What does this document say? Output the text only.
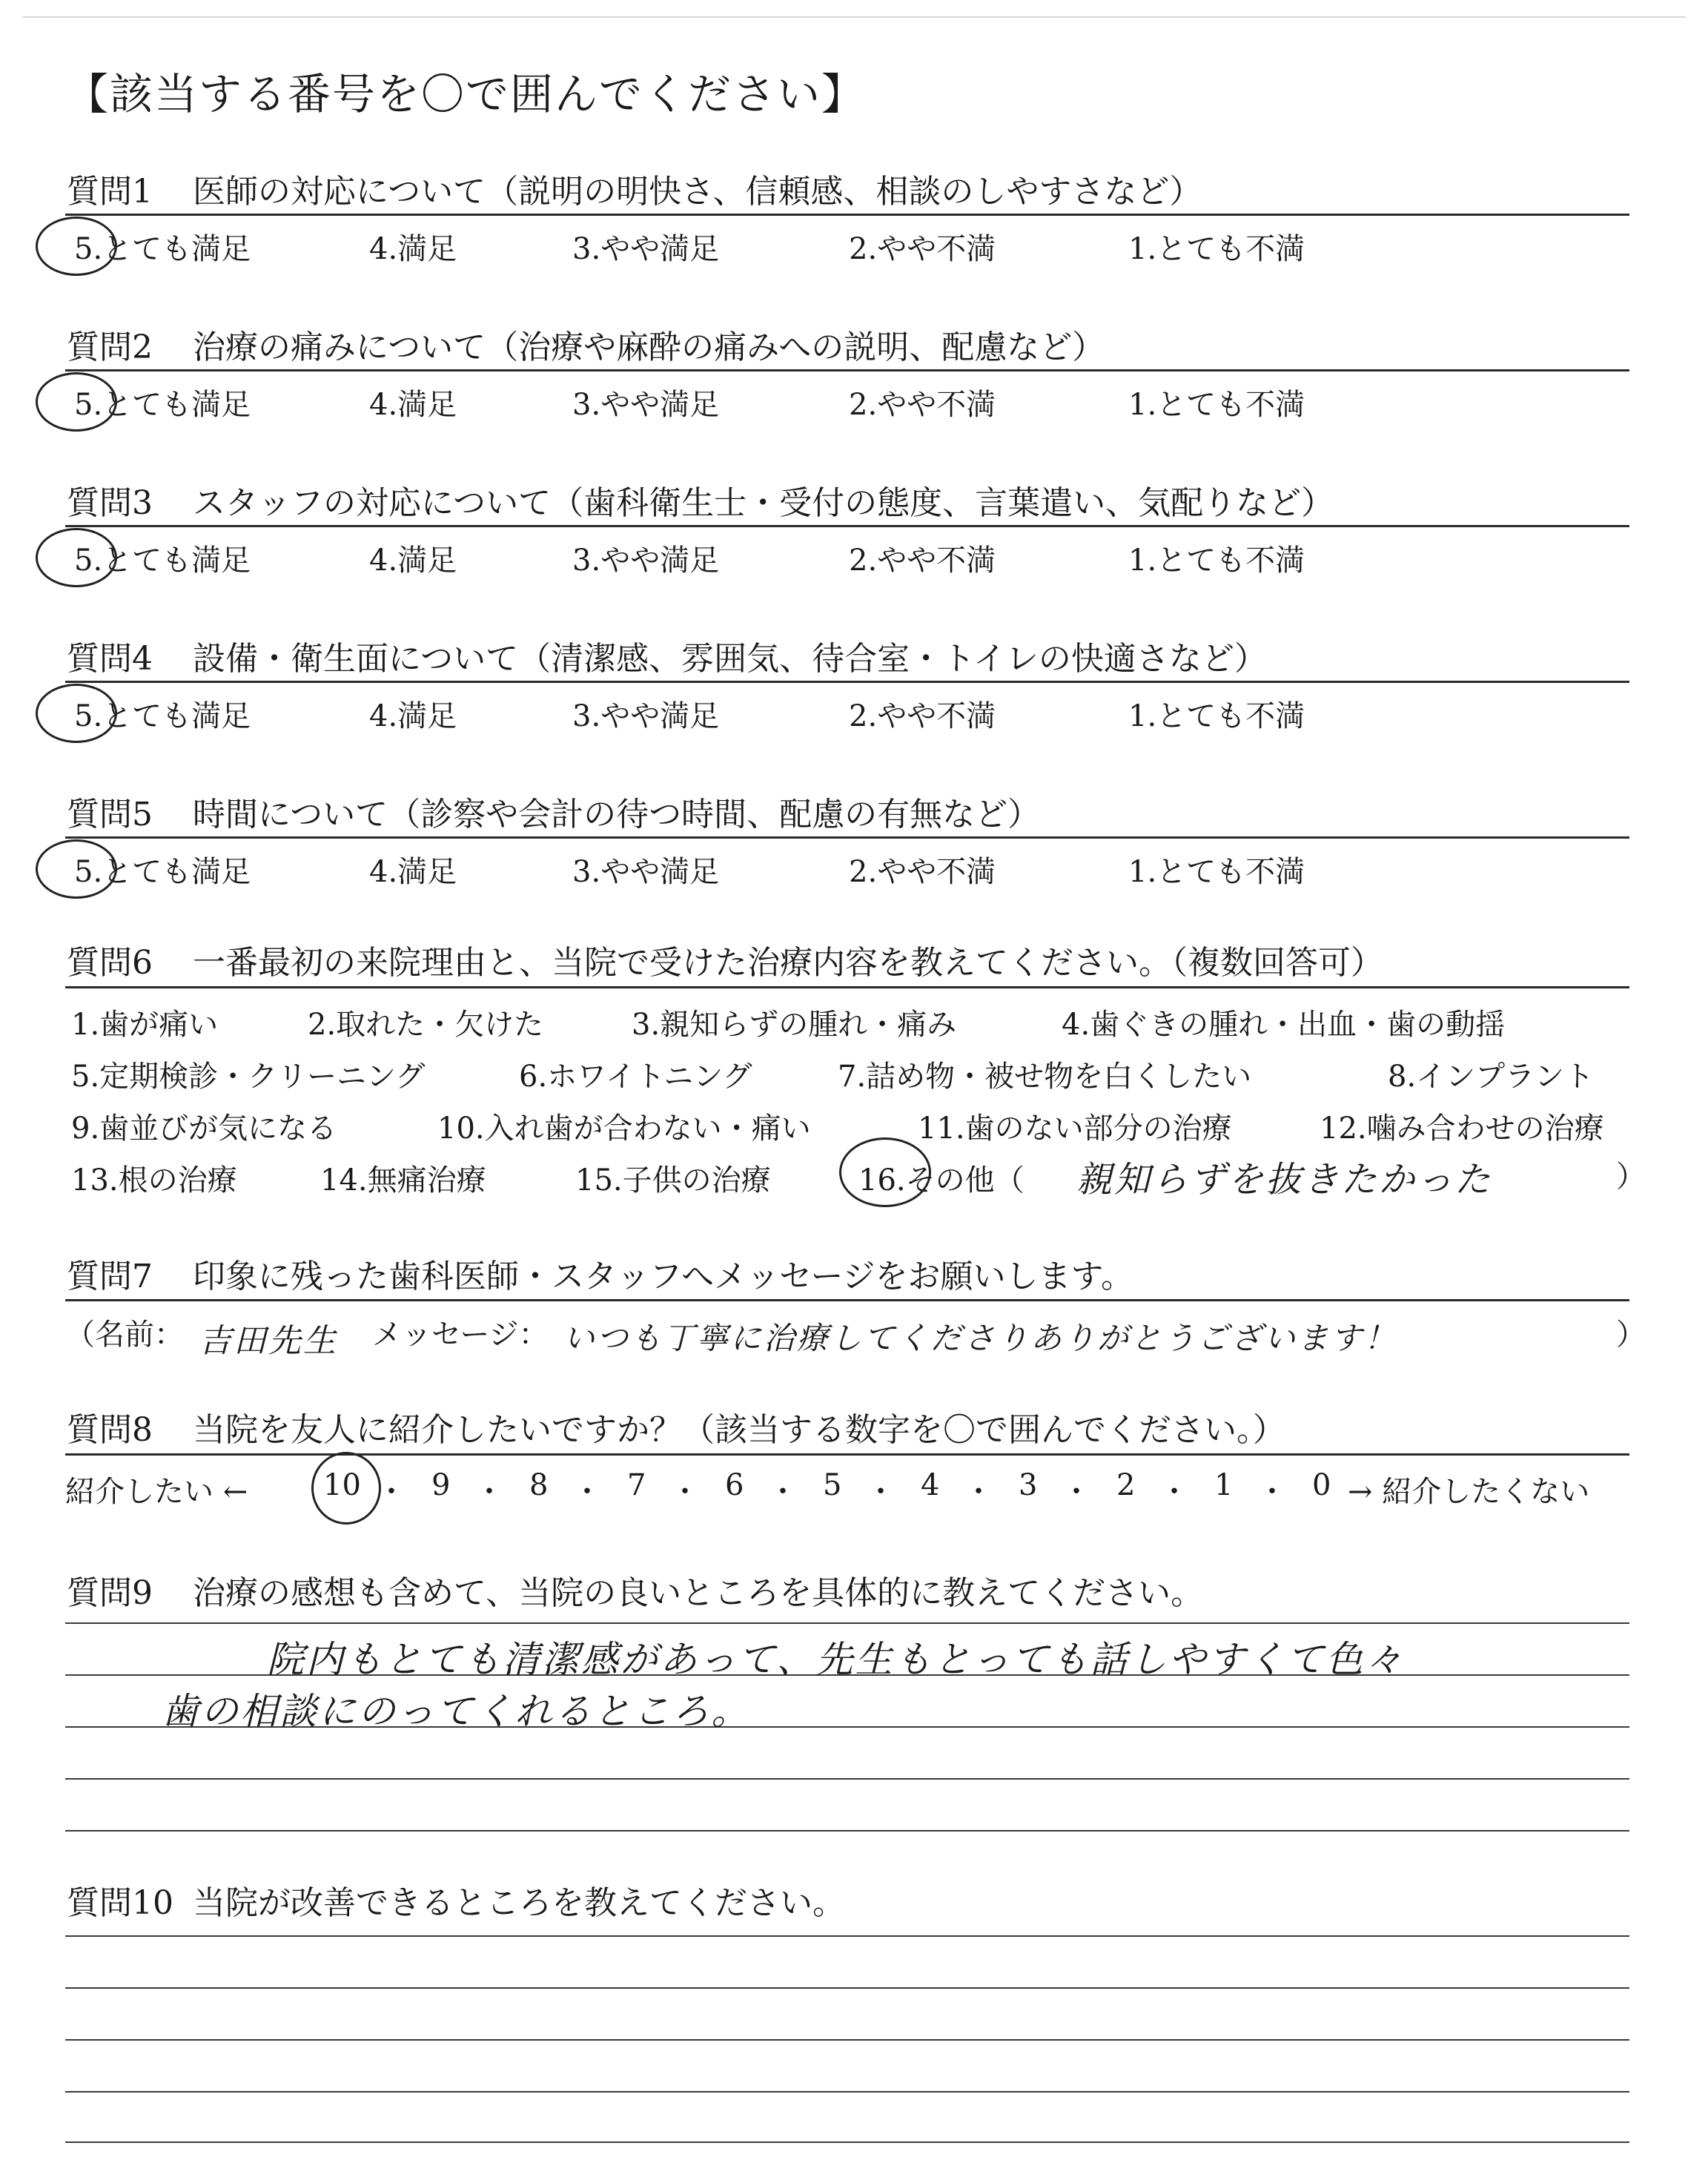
【該当する番号を〇で囲んでください】
質問1 医師の対応について（説明の明快さ、信頼感、相談のしやすさなど）
5.とても満足	4.満足	3.やや満足	2.やや不満	1.とても不満
質問2 治療の痛みについて（治療や麻酔の痛みへの説明、配慮など）
5.とても満足	4.満足	3.やや満足	2.やや不満	1.とても不満
質問3 スタッフの対応について（歯科衛生士・受付の態度、言葉遣い、気配りなど）
5.とても満足	4.満足	3.やや満足	2.やや不満	1.とても不満
質問4 設備・衛生面について（清潔感、雰囲気、待合室・トイレの快適さなど）
5.とても満足	4.満足	3.やや満足	2.やや不満	1.とても不満
質問5 時間について（診察や会計の待つ時間、配慮の有無など）
5.とても満足	4.満足	3.やや満足	2.やや不満	1.とても不満
質問6 一番最初の来院理由と、当院で受けた治療内容を教えてください。（複数回答可）
1.歯が痛い	2.取れた・欠けた	3.親知らずの腫れ・痛み	4.歯ぐきの腫れ・出血・歯の動揺
5.定期検診・クリーニング	6.ホワイトニング	7.詰め物・被せ物を白くしたい	8.インプラント
9.歯並びが気になる	10.入れ歯が合わない・痛い	11.歯のない部分の治療	12.噛み合わせの治療
13.根の治療	14.無痛治療	15.子供の治療	16.その他（ 親知らずを抜きたかった	）
質問7 印象に残った歯科医師・スタッフへメッセージをお願いします。
（名前： 吉田先生 メッセージ： いつも丁寧に治療してくださりありがとうございます！	）
質問8 当院を友人に紹介したいですか？（該当する数字を〇で囲んでください。）
紹介したい ←	10 ・ 9 ・ 8 ・ 7 ・ 6 ・ 5 ・ 4 ・ 3 ・ 2 ・ 1 ・ 0 → 紹介したくない
質問9 治療の感想も含めて、当院の良いところを具体的に教えてください。
院内もとても清潔感があって、先生もとっても話しやすくて色々
歯の相談にのってくれるところ。
質問10 当院が改善できるところを教えてください。
